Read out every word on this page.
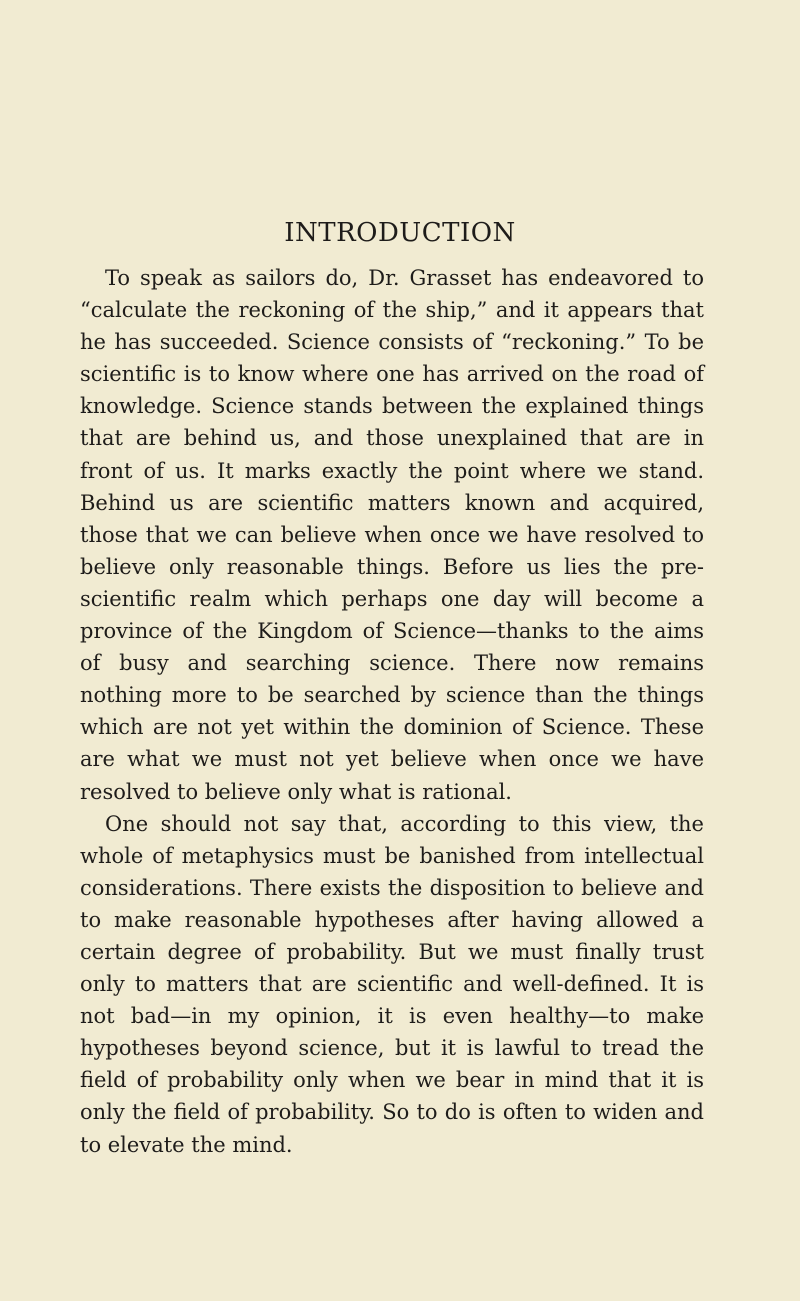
INTRODUCTION

To speak as sailors do, Dr. Grasset has endeavored to “calculate the reckoning of the ship,” and it appears that he has succeeded. Science consists of “reckoning.” To be scientific is to know where one has arrived on the road of knowledge. Science stands between the explained things that are behind us, and those unexplained that are in front of us. It marks exactly the point where we stand. Behind us are scientific matters known and acquired, those that we can believe when once we have resolved to believe only reasonable things. Before us lies the pre-scientific realm which perhaps one day will become a province of the Kingdom of Science—thanks to the aims of busy and searching science. There now remains nothing more to be searched by science than the things which are not yet within the dominion of Science. These are what we must not yet believe when once we have resolved to believe only what is rational.

One should not say that, according to this view, the whole of metaphysics must be banished from intellectual considerations. There exists the disposition to believe and to make reasonable hypotheses after having allowed a certain degree of probability. But we must finally trust only to matters that are scientific and well-defined. It is not bad—in my opinion, it is even healthy—to make hypotheses beyond science, but it is lawful to tread the field of probability only when we bear in mind that it is only the field of probability. So to do is often to widen and to elevate the mind.
